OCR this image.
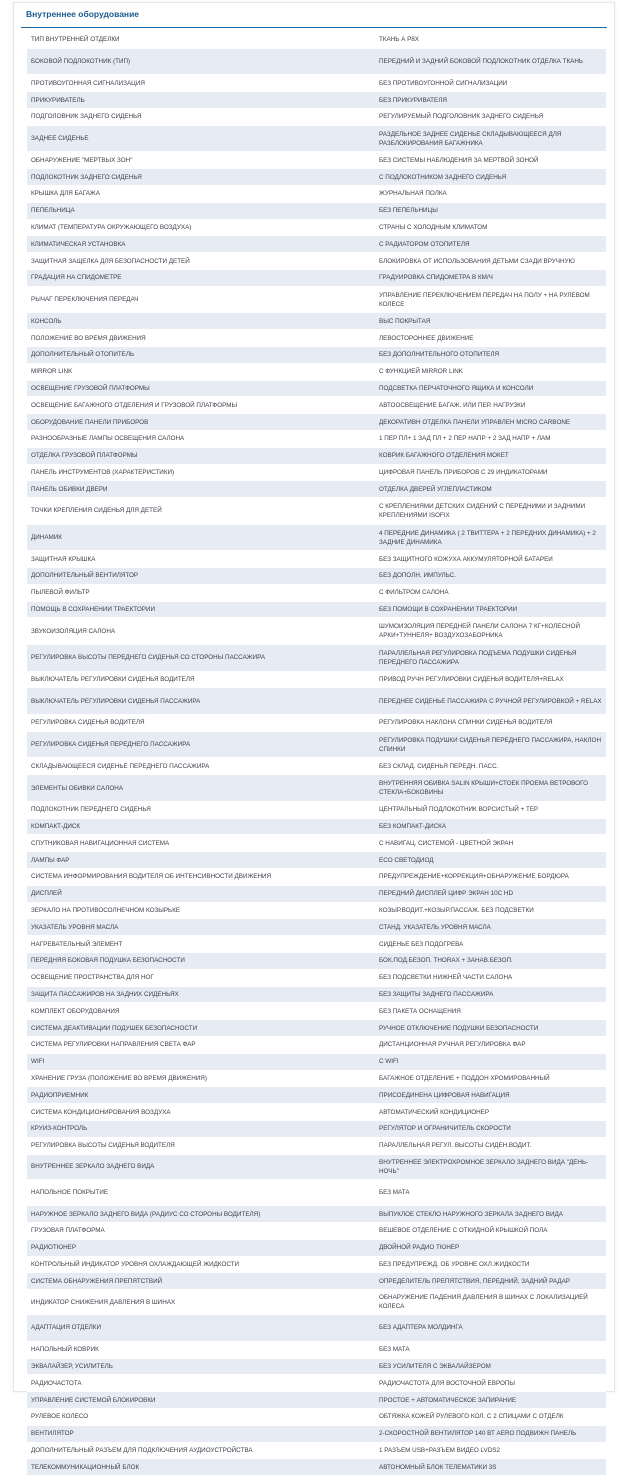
Внутреннее оборудование
ТИП ВНУТРЕННЕЙ ОТДЕЛКИ	ТКАНЬ А P8X
БОКОВОЙ ПОДЛОКОТНИК (ТИП)	ПЕРЕДНИЙ И ЗАДНИЙ БОКОВОЙ ПОДЛОКОТНИК ОТДЕЛКА ТКАНЬ
ПРОТИВОУГОННАЯ СИГНАЛИЗАЦИЯ	БЕЗ ПРОТИВОУГОННОЙ СИГНАЛИЗАЦИИ
ПРИКУРИВАТЕЛЬ	БЕЗ ПРИКУРИВАТЕЛЯ
ПОДГОЛОВНИК ЗАДНЕГО СИДЕНЬЯ	РЕГУЛИРУЕМЫЙ ПОДГОЛОВНИК ЗАДНЕГО СИДЕНЬЯ
ЗАДНЕЕ СИДЕНЬЕ	РАЗДЕЛЬНОЕ ЗАДНЕЕ СИДЕНЬЕ СКЛАДЫВАЮЩЕЕСЯ ДЛЯ РАЗБЛОКИРОВАНИЯ БАГАЖНИКА
ОБНАРУЖЕНИЕ "МЕРТВЫХ ЗОН"	БЕЗ СИСТЕМЫ НАБЛЮДЕНИЯ ЗА МЕРТВОЙ ЗОНОЙ
ПОДЛОКОТНИК ЗАДНЕГО СИДЕНЬЯ	С ПОДЛОКОТНИКОМ ЗАДНЕГО СИДЕНЬЯ
КРЫШКА ДЛЯ БАГАЖА	ЖУРНАЛЬНАЯ ПОЛКА
ПЕПЕЛЬНИЦА	БЕЗ ПЕПЕЛЬНИЦЫ
КЛИМАТ (ТЕМПЕРАТУРА ОКРУЖАЮЩЕГО ВОЗДУХА)	СТРАНЫ С ХОЛОДНЫМ КЛИМАТОМ
КЛИМАТИЧЕСКАЯ УСТАНОВКА	С РАДИАТОРОМ ОТОПИТЕЛЯ
ЗАЩИТНАЯ ЗАЩЕЛКА ДЛЯ БЕЗОПАСНОСТИ ДЕТЕЙ	БЛОКИРОВКА ОТ ИСПОЛЬЗОВАНИЯ ДЕТЬМИ СЗАДИ ВРУЧНУЮ
ГРАДАЦИЯ НА СПИДОМЕТРЕ	ГРАДУИРОВКА СПИДОМЕТРА В КМ/Ч
РЫЧАГ ПЕРЕКЛЮЧЕНИЯ ПЕРЕДАЧ	УПРАВЛЕНИЕ ПЕРЕКЛЮЧЕНИЕМ ПЕРЕДАЧ НА ПОЛУ + НА РУЛЕВОМ КОЛЕСЕ
КОНСОЛЬ	ВЫС ПОКРЫТАЯ
ПОЛОЖЕНИЕ ВО ВРЕМЯ ДВИЖЕНИЯ	ЛЕВОСТОРОННЕЕ ДВИЖЕНИЕ
ДОПОЛНИТЕЛЬНЫЙ ОТОПИТЕЛЬ	БЕЗ ДОПОЛНИТЕЛЬНОГО ОТОПИТЕЛЯ
MIRROR LINK	С ФУНКЦИЕЙ MIRROR LINK
ОСВЕЩЕНИЕ ГРУЗОВОЙ ПЛАТФОРМЫ	ПОДСВЕТКА ПЕРЧАТОЧНОГО ЯЩИКА И КОНСОЛИ
ОСВЕЩЕНИЕ БАГАЖНОГО ОТДЕЛЕНИЯ И ГРУЗОВОЙ ПЛАТФОРМЫ	АВТООСВЕЩЕНИЕ БАГАЖ. ИЛИ ПЕР. НАГРУЗКИ
ОБОРУДОВАНИЕ ПАНЕЛИ ПРИБОРОВ	ДЕКОРАТИВН ОТДЕЛКА ПАНЕЛИ УПРАВЛЕН MICRO CARBONE
РАЗНООБРАЗНЫЕ ЛАМПЫ ОСВЕЩЕНИЯ САЛОНА	1 ПЕР ПЛ+ 1 ЗАД ПЛ + 2 ПЕР НАПР + 2 ЗАД НАПР + ЛАМ
ОТДЕЛКА ГРУЗОВОЙ ПЛАТФОРМЫ	КОВРИК БАГАЖНОГО ОТДЕЛЕНИЯ МОКЕТ
ПАНЕЛЬ ИНСТРУМЕНТОВ (ХАРАКТЕРИСТИКИ)	ЦИФРОВАЯ ПАНЕЛЬ ПРИБОРОВ С 29 ИНДИКАТОРАМИ
ПАНЕЛЬ ОБИВКИ ДВЕРИ	ОТДЕЛКА ДВЕРЕЙ УГЛЕПЛАСТИКОМ
ТОЧКИ КРЕПЛЕНИЯ СИДЕНЬЯ ДЛЯ ДЕТЕЙ	С КРЕПЛЕНИЯМИ ДЕТСКИХ СИДЕНИЙ С ПЕРЕДНИМИ И ЗАДНИМИ КРЕПЛЕНИЯМИ ISOFIX
ДИНАМИК	4 ПЕРЕДНИЕ ДИНАМИКА ( 2 ТВИТТЕРА + 2 ПЕРЕДНИХ ДИНАМИКА) + 2 ЗАДНИЕ ДИНАМИКА
ЗАЩИТНАЯ КРЫШКА	БЕЗ ЗАЩИТНОГО КОЖУХА АККУМУЛЯТОРНОЙ БАТАРЕИ
ДОПОЛНИТЕЛЬНЫЙ ВЕНТИЛЯТОР	БЕЗ ДОПОЛН. ИМПУЛЬС.
ПЫЛЕВОЙ ФИЛЬТР	С ФИЛЬТРОМ САЛОНА
ПОМОЩЬ В СОХРАНЕНИИ ТРАЕКТОРИИ	БЕЗ ПОМОЩИ В СОХРАНЕНИИ ТРАЕКТОРИИ
ЗВУКОИЗОЛЯЦИЯ САЛОНА	ШУМОИЗОЛЯЦИЯ ПЕРЕДНЕЙ ПАНЕЛИ САЛОНА 7 КГ+КОЛЕСНОЙ АРКИ+ТУННЕЛЯ+ ВОЗДУХОЗАБОРНИКА
РЕГУЛИРОВКА ВЫСОТЫ ПЕРЕДНЕГО СИДЕНЬЯ СО СТОРОНЫ ПАССАЖИРА	ПАРАЛЛЕЛЬНАЯ РЕГУЛИРОВКА ПОДЪЕМА ПОДУШКИ СИДЕНЬЯ ПЕРЕДНЕГО ПАССАЖИРА
ВЫКЛЮЧАТЕЛЬ РЕГУЛИРОВКИ СИДЕНЬЯ ВОДИТЕЛЯ	ПРИВОД РУЧН РЕГУЛИРОВКИ СИДЕНЬЯ ВОДИТЕЛЯ+RELAX
ВЫКЛЮЧАТЕЛЬ РЕГУЛИРОВКИ СИДЕНЬЯ ПАССАЖИРА	ПЕРЕДНЕЕ СИДЕНЬЕ ПАССАЖИРА С РУЧНОЙ РЕГУЛИРОВКОЙ + RELAX
РЕГУЛИРОВКА СИДЕНЬЯ ВОДИТЕЛЯ	РЕГУЛИРОВКА НАКЛОНА СПИНКИ СИДЕНЬЯ ВОДИТЕЛЯ
РЕГУЛИРОВКА СИДЕНЬЯ ПЕРЕДНЕГО ПАССАЖИРА	РЕГУЛИРОВКА ПОДУШКИ СИДЕНЬЯ ПЕРЕДНЕГО ПАССАЖИРА, НАКЛОН СПИНКИ
СКЛАДЫВАЮЩЕЕСЯ СИДЕНЬЕ ПЕРЕДНЕГО ПАССАЖИРА	БЕЗ СКЛАД. СИДЕНЬЯ ПЕРЕДН. ПАСС.
ЭЛЕМЕНТЫ ОБИВКИ САЛОНА	ВНУТРЕННЯЯ ОБИВКА SALIN КРЫШИ+СТОЕК ПРОЕМА ВЕТРОВОГО СТЕКЛА+БОКОВИНЫ
ПОДЛОКОТНИК ПЕРЕДНЕГО СИДЕНЬЯ	ЦЕНТРАЛЬНЫЙ ПОДЛОКОТНИК ВОРСИСТЫЙ + ТЕР
КОМПАКТ-ДИСК	БЕЗ КОМПАКТ-ДИСКА
СПУТНИКОВАЯ НАВИГАЦИОННАЯ СИСТЕМА	С НАВИГАЦ. СИСТЕМОЙ - ЦВЕТНОЙ ЭКРАН
ЛАМПЫ ФАР	ECO СВЕТОДИОД
СИСТЕМА ИНФОРМИРОВАНИЯ ВОДИТЕЛЯ ОБ ИНТЕНСИВНОСТИ ДВИЖЕНИЯ	ПРЕДУПРЕЖДЕНИЕ+КОРРЕКЦИЯ+ОБНАРУЖЕНИЕ БОРДЮРА
ДИСПЛЕЙ	ПЕРЕДНИЙ ДИСПЛЕЙ ЦИФР ЭКРАН 10С HD
ЗЕРКАЛО НА ПРОТИВОСОЛНЕЧНОМ КОЗЫРЬКЕ	КОЗЫР.ВОДИТ.+КОЗЫР.ПАССАЖ. БЕЗ ПОДСВЕТКИ
УКАЗАТЕЛЬ УРОВНЯ МАСЛА	СТАНД. УКАЗАТЕЛЬ УРОВНЯ МАСЛА
НАГРЕВАТЕЛЬНЫЙ ЭЛЕМЕНТ	СИДЕНЬЕ БЕЗ ПОДОГРЕВА
ПЕРЕДНЯЯ БОКОВАЯ ПОДУШКА БЕЗОПАСНОСТИ	БОК.ПОД.БЕЗОП. THORAX + ЗАНАВ.БЕЗОП.
ОСВЕЩЕНИЕ ПРОСТРАНСТВА ДЛЯ НОГ	БЕЗ ПОДСВЕТКИ НИЖНЕЙ ЧАСТИ САЛОНА
ЗАЩИТА ПАССАЖИРОВ НА ЗАДНИХ СИДЕНЬЯХ	БЕЗ ЗАЩИТЫ ЗАДНЕГО ПАССАЖИРА
КОМПЛЕКТ ОБОРУДОВАНИЯ	БЕЗ ПАКЕТА ОСНАЩЕНИЯ
СИСТЕМА ДЕАКТИВАЦИИ ПОДУШЕК БЕЗОПАСНОСТИ	РУЧНОЕ ОТКЛЮЧЕНИЕ ПОДУШКИ БЕЗОПАСНОСТИ
СИСТЕМА РЕГУЛИРОВКИ НАПРАВЛЕНИЯ СВЕТА ФАР	ДИСТАНЦИОННАЯ РУЧНАЯ РЕГУЛИРОВКА ФАР
WIFI	С WIFI
ХРАНЕНИЕ ГРУЗА (ПОЛОЖЕНИЕ ВО ВРЕМЯ ДВИЖЕНИЯ)	БАГАЖНОЕ ОТДЕЛЕНИЕ + ПОДДОН ХРОМИРОВАННЫЙ
РАДИОПРИЕМНИК	ПРИСОЕДИНЕНА ЦИФРОВАЯ НАВИГАЦИЯ
СИСТЕМА КОНДИЦИОНИРОВАНИЯ ВОЗДУХА	АВТОМАТИЧЕСКИЙ КОНДИЦИОНЕР
КРУИЗ-КОНТРОЛЬ	РЕГУЛЯТОР И ОГРАНИЧИТЕЛЬ СКОРОСТИ
РЕГУЛИРОВКА ВЫСОТЫ СИДЕНЬЯ ВОДИТЕЛЯ	ПАРАЛЛЕЛЬНАЯ РЕГУЛ. ВЫСОТЫ СИДЕН.ВОДИТ.
ВНУТРЕННЕЕ ЗЕРКАЛО ЗАДНЕГО ВИДА	ВНУТРЕННЕЕ ЭЛЕКТРОХРОМНОЕ ЗЕРКАЛО ЗАДНЕГО ВИДА "ДЕНЬ-НОЧЬ"
НАПОЛЬНОЕ ПОКРЫТИЕ	БЕЗ МАТА
НАРУЖНОЕ ЗЕРКАЛО ЗАДНЕГО ВИДА (РАДИУС СО СТОРОНЫ ВОДИТЕЛЯ)	ВЫПУКЛОЕ СТЕКЛО НАРУЖНОГО ЗЕРКАЛА ЗАДНЕГО ВИДА
ГРУЗОВАЯ ПЛАТФОРМА	ВЕШЕВОЕ ОТДЕЛЕНИЕ С ОТКИДНОЙ КРЫШКОЙ ПОЛА
РАДИОТЮНЕР	ДВОЙНОЙ РАДИО ТЮНЕР
КОНТРОЛЬНЫЙ ИНДИКАТОР УРОВНЯ ОХЛАЖДАЮЩЕЙ ЖИДКОСТИ	БЕЗ ПРЕДУПРЕЖД. ОБ УРОВНЕ ОХЛ.ЖИДКОСТИ
СИСТЕМА ОБНАРУЖЕНИЯ ПРЕПЯТСТВИЙ	ОПРЕДЕЛИТЕЛЬ ПРЕПЯТСТВИЯ, ПЕРЕДНИЙ, ЗАДНИЙ РАДАР
ИНДИКАТОР СНИЖЕНИЯ ДАВЛЕНИЯ В ШИНАХ	ОБНАРУЖЕНИЕ ПАДЕНИЯ ДАВЛЕНИЯ В ШИНАХ С ЛОКАЛИЗАЦИЕЙ КОЛЕСА
АДАПТАЦИЯ ОТДЕЛКИ	БЕЗ АДАПТЕРА МОЛДИНГА
НАПОЛЬНЫЙ КОВРИК	БЕЗ МАТА
ЭКВАЛАЙЗЕР, УСИЛИТЕЛЬ	БЕЗ УСИЛИТЕЛЯ С ЭКВАЛАЙЗЕРОМ
РАДИОЧАСТОТА	РАДИОЧАСТОТА ДЛЯ ВОСТОЧНОЙ ЕВРОПЫ
УПРАВЛЕНИЕ СИСТЕМОЙ БЛОКИРОВКИ	ПРОСТОЕ + АВТОМАТИЧЕСКОЕ ЗАПИРАНИЕ
РУЛЕВОЕ КОЛЕСО	ОБТЯЖКА КОЖЕЙ РУЛЕВОГО КОЛ. С 2 СПИЦАМИ С ОТДЕЛК
ВЕНТИЛЯТОР	2-СКОРОСТНОЙ ВЕНТИЛЯТОР 140 ВТ AERO ПОДВИЖН ПАНЕЛЬ
ДОПОЛНИТЕЛЬНЫЙ РАЗЪЕМ ДЛЯ ПОДКЛЮЧЕНИЯ АУДИОУСТРОЙСТВА	1 РАЗЪЕМ USB+РАЗЪЕМ ВИДЕО LVDS2
ТЕЛЕКОММУНИКАЦИОННЫЙ БЛОК	АВТОНОМНЫЙ БЛОК ТЕЛЕМАТИКИ 3S
